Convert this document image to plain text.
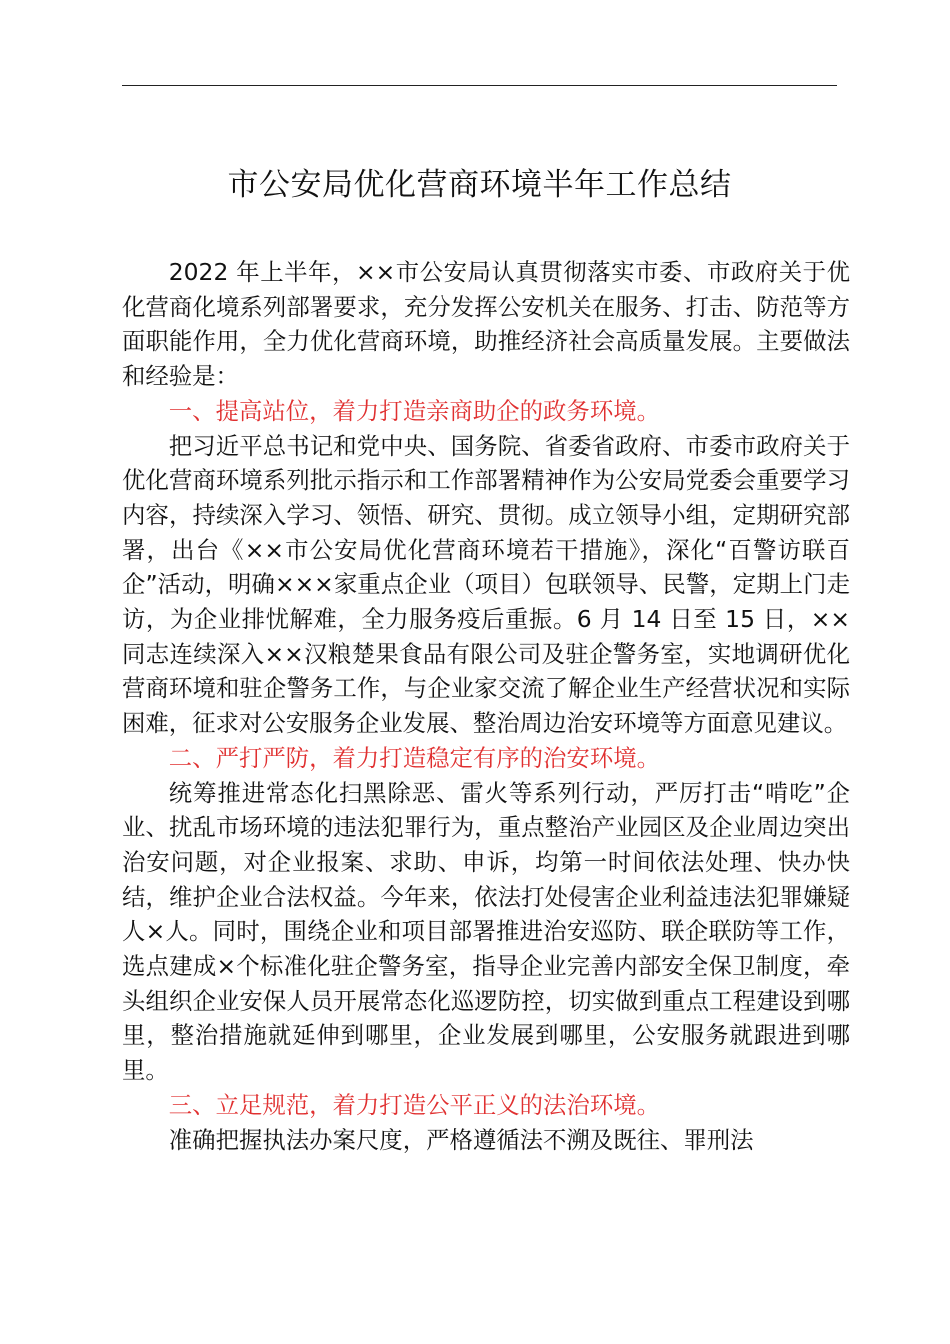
市公安局优化营商环境半年工作总结

2022 年上半年，××市公安局认真贯彻落实市委、市政府关于优化营商化境系列部署要求，充分发挥公安机关在服务、打击、防范等方面职能作用，全力优化营商环境，助推经济社会高质量发展。主要做法和经验是：

一、提高站位，着力打造亲商助企的政务环境。

把习近平总书记和党中央、国务院、省委省政府、市委市政府关于优化营商环境系列批示指示和工作部署精神作为公安局党委会重要学习内容，持续深入学习、领悟、研究、贯彻。成立领导小组，定期研究部署，出台《××市公安局优化营商环境若干措施》，深化“百警访联百企”活动，明确×××家重点企业（项目）包联领导、民警，定期上门走访，为企业排忧解难，全力服务疫后重振。6 月 14 日至 15 日，××同志连续深入××汉粮楚果食品有限公司及驻企警务室，实地调研优化营商环境和驻企警务工作，与企业家交流了解企业生产经营状况和实际困难，征求对公安服务企业发展、整治周边治安环境等方面意见建议。

二、严打严防，着力打造稳定有序的治安环境。

统筹推进常态化扫黑除恶、雷火等系列行动，严厉打击“啃吃”企业、扰乱市场环境的违法犯罪行为，重点整治产业园区及企业周边突出治安问题，对企业报案、求助、申诉，均第一时间依法处理、快办快结，维护企业合法权益。今年来，依法打处侵害企业利益违法犯罪嫌疑人×人。同时，围绕企业和项目部署推进治安巡防、联企联防等工作，选点建成×个标准化驻企警务室，指导企业完善内部安全保卫制度，牵头组织企业安保人员开展常态化巡逻防控，切实做到重点工程建设到哪里，整治措施就延伸到哪里，企业发展到哪里，公安服务就跟进到哪里。

三、立足规范，着力打造公平正义的法治环境。

准确把握执法办案尺度，严格遵循法不溯及既往、罪刑法
